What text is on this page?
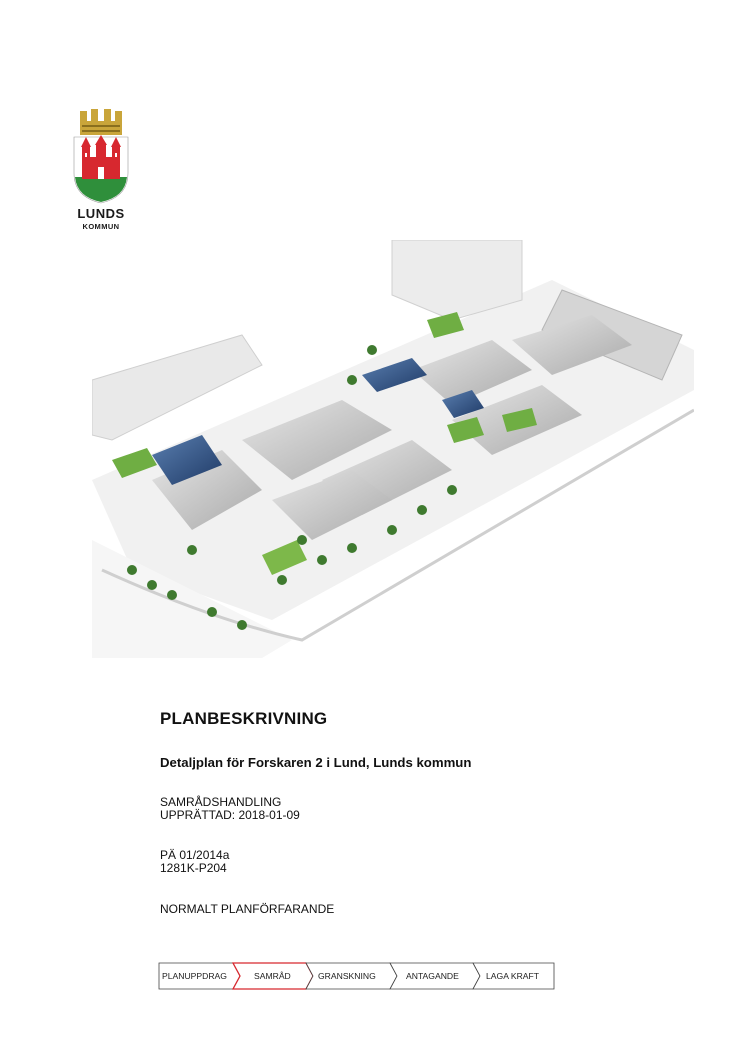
LUNDS
KOMMUN
PLANBESKRIVNING
Detaljplan för Forskaren 2 i Lund, Lunds kommun
SAMRÅDSHANDLING
UPPRÄTTAD: 2018-01-09
PÄ 01/2014a
1281K-P204
NORMALT PLANFÖRFARANDE
PLANUPPDRAG	SAMRÅD	GRANSKNING	ANTAGANDE	LAGA KRAFT
